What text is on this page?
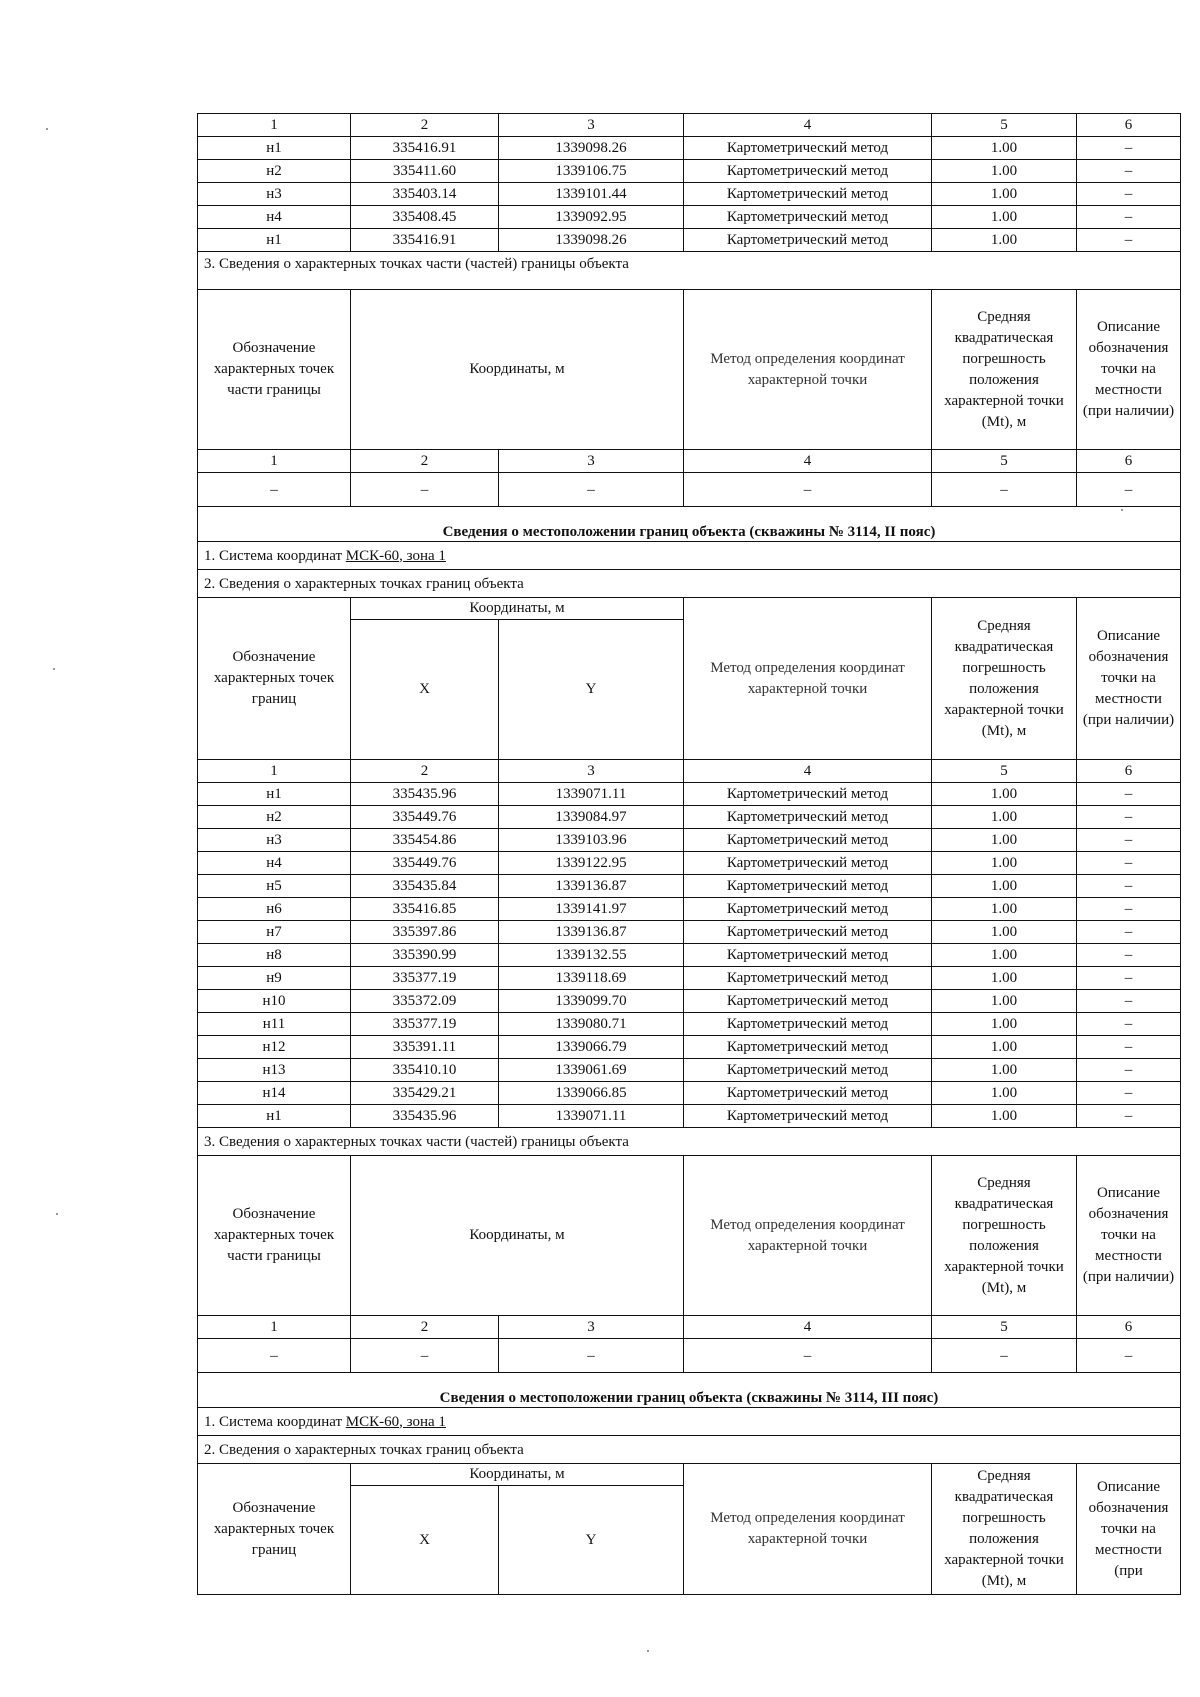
1	2	3	4	5	6
н1	335416.91	1339098.26	Картометрический метод	1.00	–
н2	335411.60	1339106.75	Картометрический метод	1.00	–
н3	335403.14	1339101.44	Картометрический метод	1.00	–
н4	335408.45	1339092.95	Картометрический метод	1.00	–
н1	335416.91	1339098.26	Картометрический метод	1.00	–
3. Сведения о характерных точках части (частей) границы объекта					
Обозначение характерных точек части границы	Координаты, м		Метод определения координат характерной точки	Средняя квадратическая погрешность положения характерной точки (Mt), м	Описание обозначения точки на местности (при наличии)
1	2	3	4	5	6
–	–	–	–	–	–
Сведения о местоположении границ объекта (скважины № 3114, II пояс)					
1. Система координат МСК-60, зона 1					
2. Сведения о характерных точках границ объекта					
Обозначение характерных точек границ	Координаты, м		Метод определения координат характерной точки	Средняя квадратическая погрешность положения характерной точки (Mt), м	Описание обозначения точки на местности (при наличии)
	X	Y			
1	2	3	4	5	6
н1	335435.96	1339071.11	Картометрический метод	1.00	–
н2	335449.76	1339084.97	Картометрический метод	1.00	–
н3	335454.86	1339103.96	Картометрический метод	1.00	–
н4	335449.76	1339122.95	Картометрический метод	1.00	–
н5	335435.84	1339136.87	Картометрический метод	1.00	–
н6	335416.85	1339141.97	Картометрический метод	1.00	–
н7	335397.86	1339136.87	Картометрический метод	1.00	–
н8	335390.99	1339132.55	Картометрический метод	1.00	–
н9	335377.19	1339118.69	Картометрический метод	1.00	–
н10	335372.09	1339099.70	Картометрический метод	1.00	–
н11	335377.19	1339080.71	Картометрический метод	1.00	–
н12	335391.11	1339066.79	Картометрический метод	1.00	–
н13	335410.10	1339061.69	Картометрический метод	1.00	–
н14	335429.21	1339066.85	Картометрический метод	1.00	–
н1	335435.96	1339071.11	Картометрический метод	1.00	–
3. Сведения о характерных точках части (частей) границы объекта					
Обозначение характерных точек части границы	Координаты, м		Метод определения координат характерной точки	Средняя квадратическая погрешность положения характерной точки (Mt), м	Описание обозначения точки на местности (при наличии)
1	2	3	4	5	6
–	–	–	–	–	–
Сведения о местоположении границ объекта (скважины № 3114, III пояс)					
1. Система координат МСК-60, зона 1					
2. Сведения о характерных точках границ объекта					
Обозначение характерных точек границ	Координаты, м		Метод определения координат характерной точки	Средняя квадратическая погрешность положения характерной точки (Mt), м	Описание обозначения точки на местности (при
	X	Y			
